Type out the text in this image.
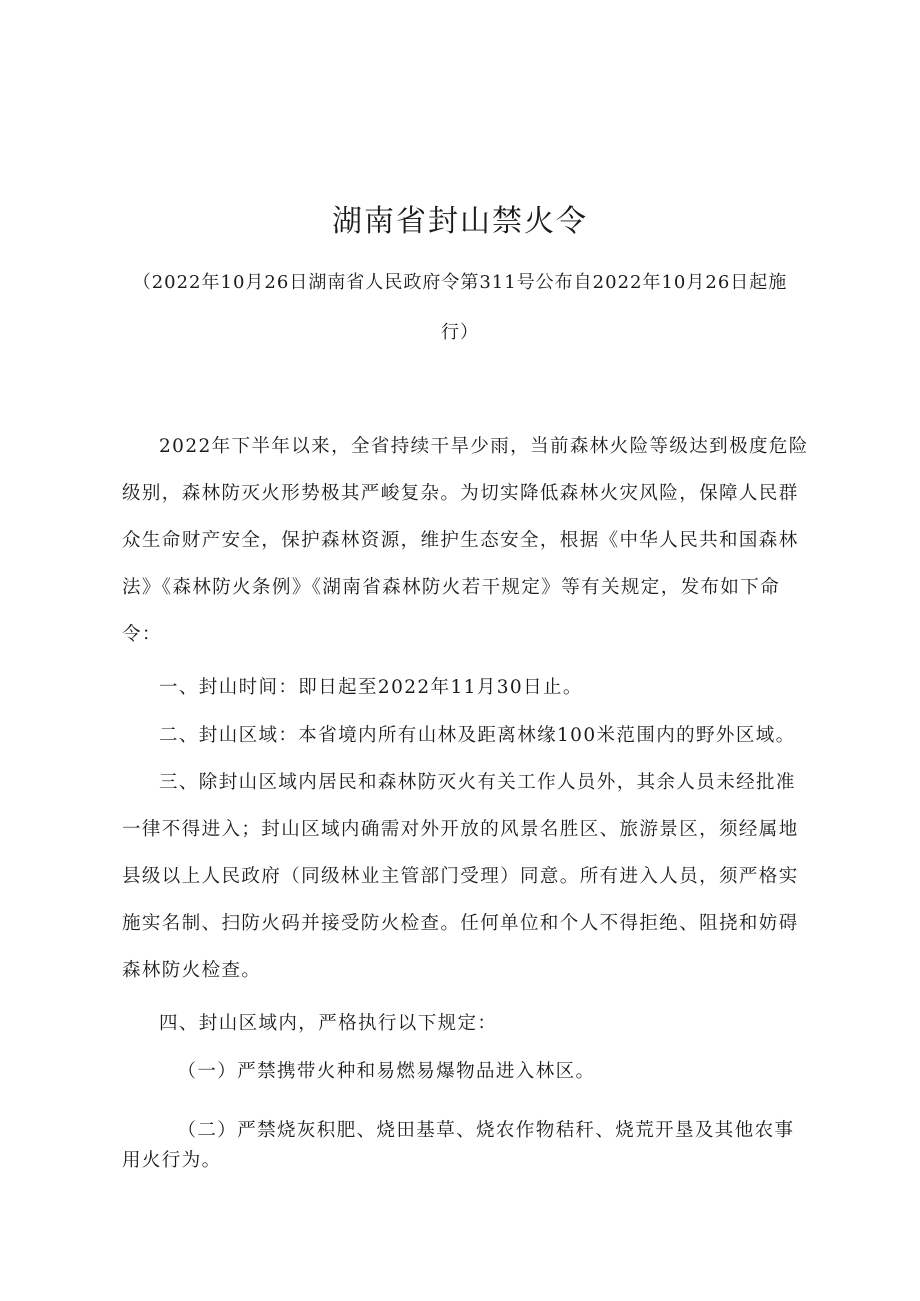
湖南省封山禁火令

（2022年10月26日湖南省人民政府令第311号公布自2022年10月26日起施行）

2022年下半年以来，全省持续干旱少雨，当前森林火险等级达到极度危险级别，森林防灭火形势极其严峻复杂。为切实降低森林火灾风险，保障人民群众生命财产安全，保护森林资源，维护生态安全，根据《中华人民共和国森林法》《森林防火条例》《湖南省森林防火若干规定》等有关规定，发布如下命令：

一、封山时间：即日起至2022年11月30日止。

二、封山区域：本省境内所有山林及距离林缘100米范围内的野外区域。

三、除封山区域内居民和森林防灭火有关工作人员外，其余人员未经批准一律不得进入；封山区域内确需对外开放的风景名胜区、旅游景区，须经属地县级以上人民政府（同级林业主管部门受理）同意。所有进入人员，须严格实施实名制、扫防火码并接受防火检查。任何单位和个人不得拒绝、阻挠和妨碍森林防火检查。

四、封山区域内，严格执行以下规定：

（一）严禁携带火种和易燃易爆物品进入林区。

（二）严禁烧灰积肥、烧田基草、烧农作物秸秆、烧荒开垦及其他农事用火行为。
